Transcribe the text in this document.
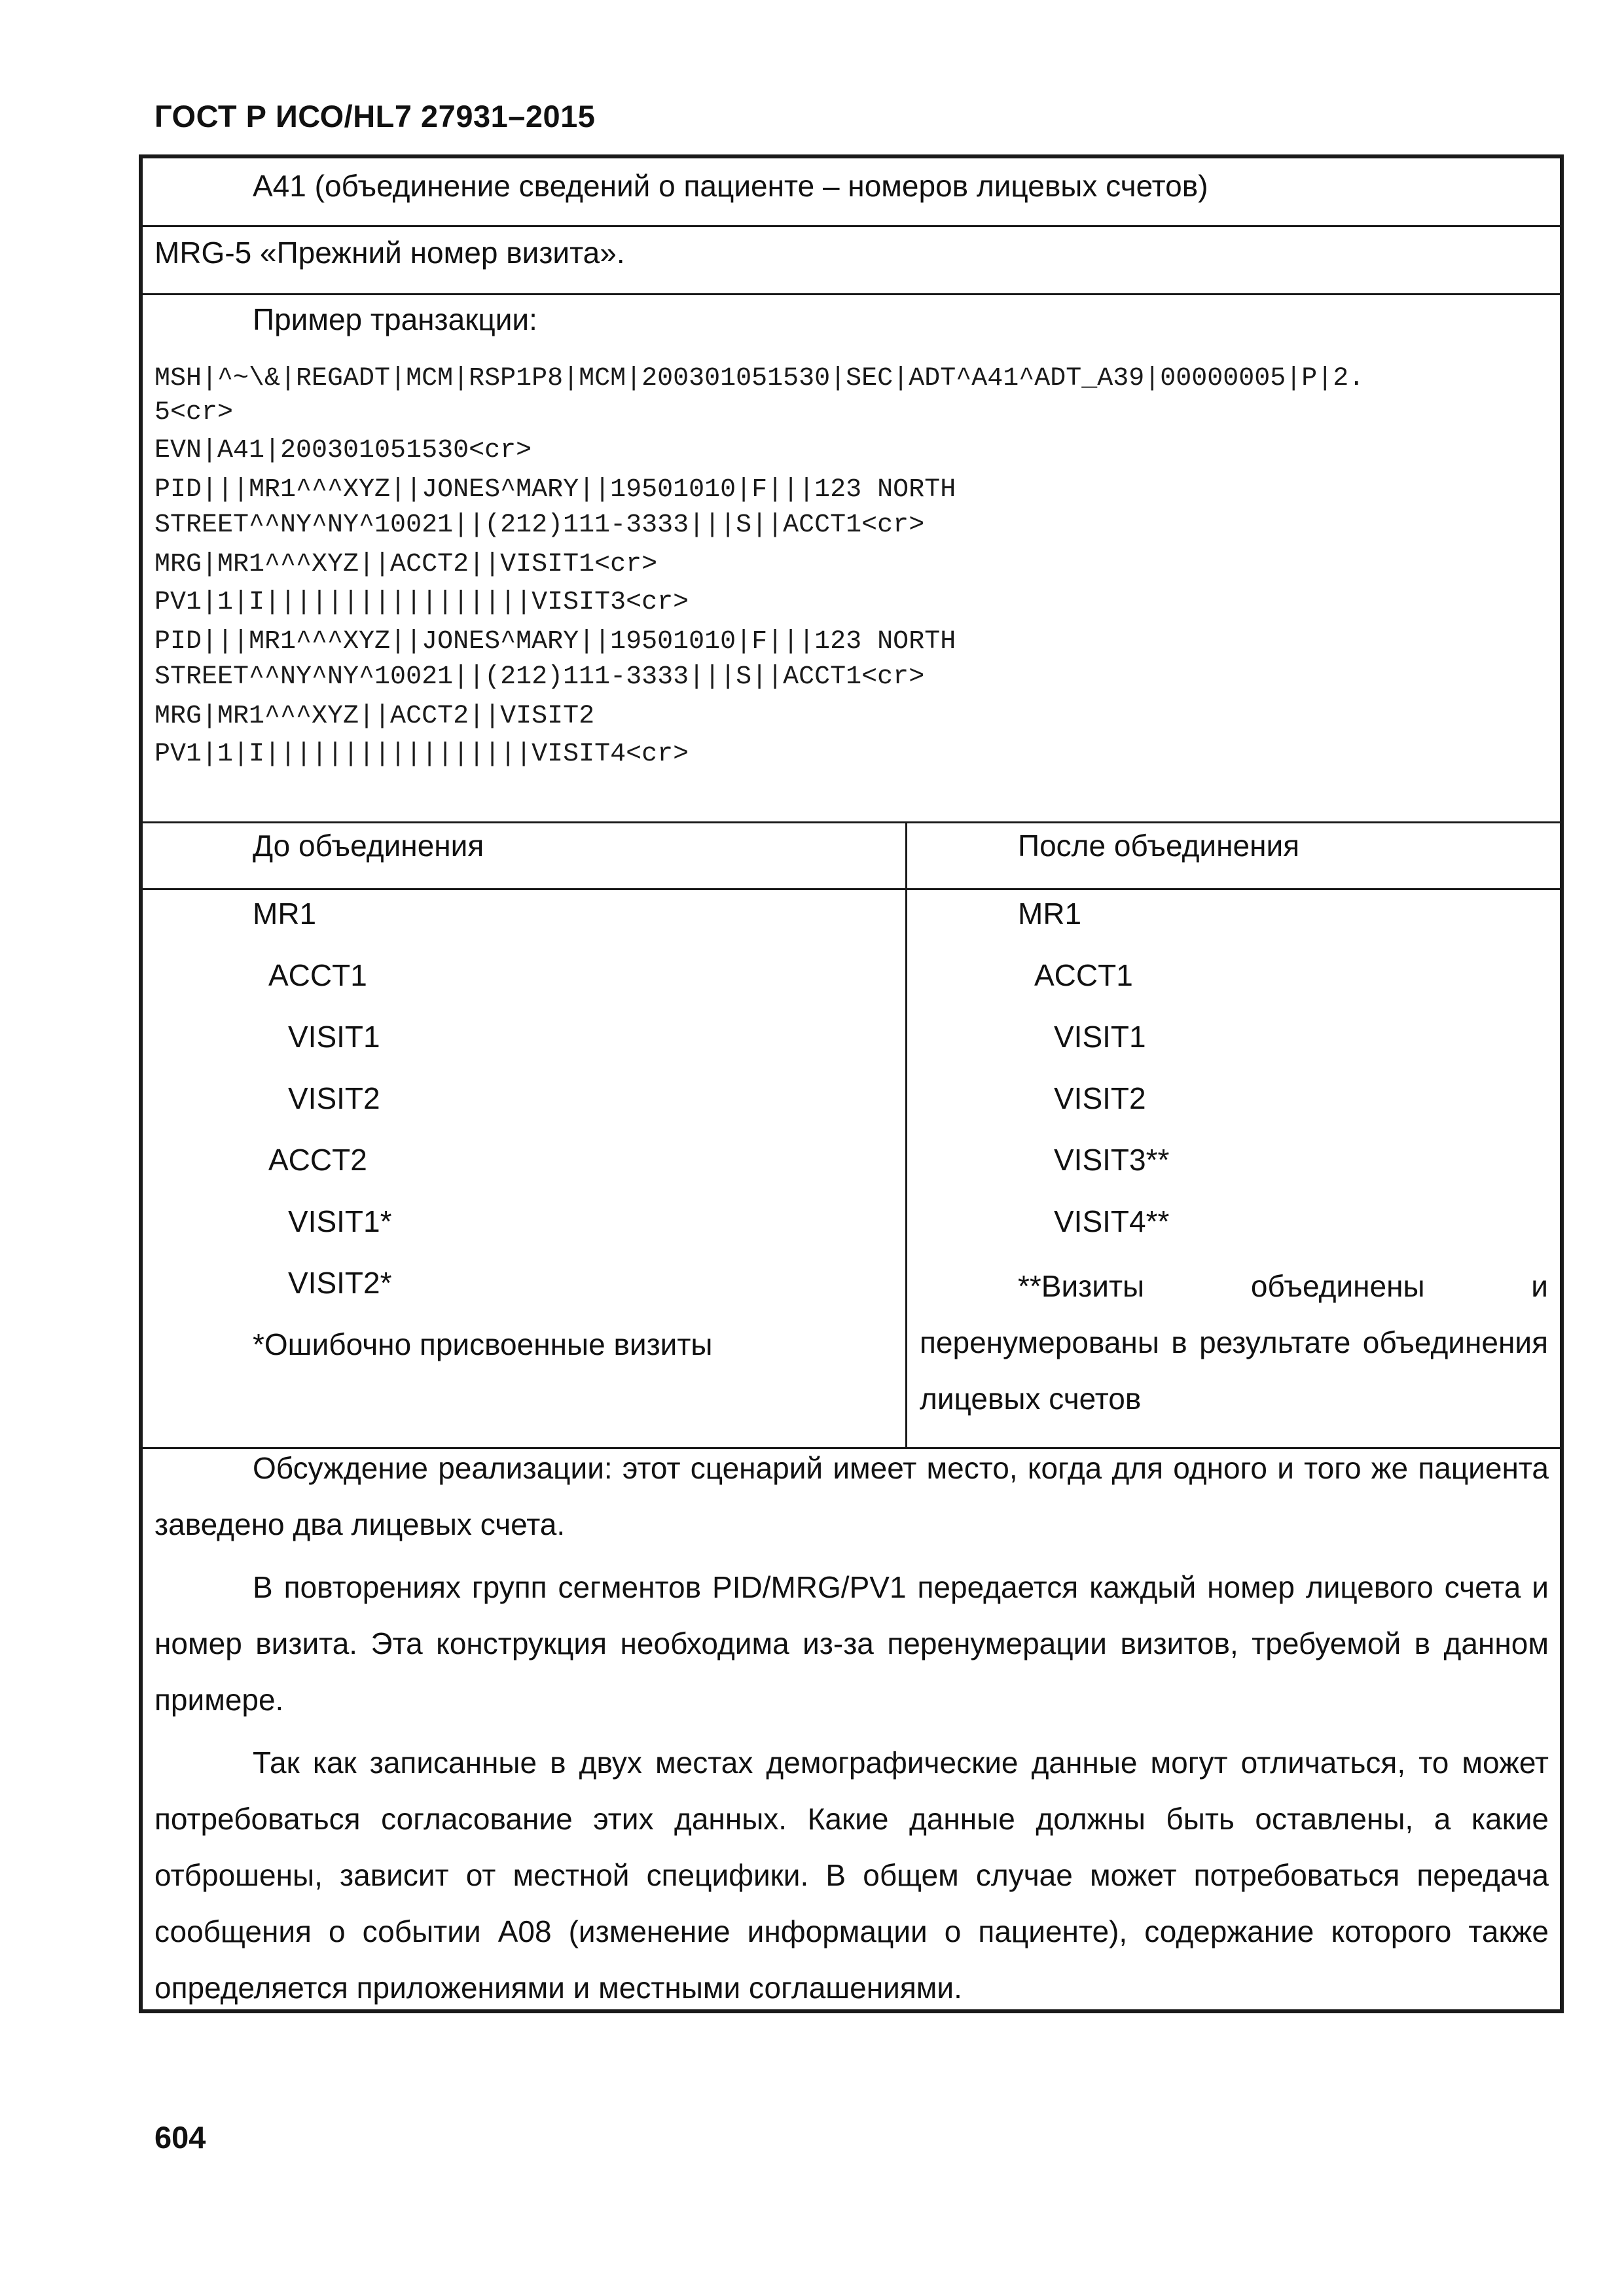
ГОСТ Р ИСО/HL7 27931–2015
A41 (объединение сведений о пациенте – номеров лицевых счетов)
MRG-5 «Прежний номер визита».
Пример транзакции:
MSH|^~\&|REGADT|MCM|RSP1P8|MCM|200301051530|SEC|ADT^A41^ADT_A39|00000005|P|2.
5<cr>
EVN|A41|200301051530<cr>
PID|||MR1^^^XYZ||JONES^MARY||19501010|F|||123 NORTH
STREET^^NY^NY^10021||(212)111-3333|||S||ACCT1<cr>
MRG|MR1^^^XYZ||ACCT2||VISIT1<cr>
PV1|1|I|||||||||||||||||VISIT3<cr>
PID|||MR1^^^XYZ||JONES^MARY||19501010|F|||123 NORTH
STREET^^NY^NY^10021||(212)111-3333|||S||ACCT1<cr>
MRG|MR1^^^XYZ||ACCT2||VISIT2
PV1|1|I|||||||||||||||||VISIT4<cr>
До объединения	После объединения
MR1
ACCT1
VISIT1
VISIT2
ACCT2
VISIT1*
VISIT2*
*Ошибочно присвоенные визиты
MR1
ACCT1
VISIT1
VISIT2
VISIT3**
VISIT4**
**Визиты объединены и перенумерованы в результате объединения лицевых счетов
Обсуждение реализации: этот сценарий имеет место, когда для одного и того же пациента заведено два лицевых счета.
В повторениях групп сегментов PID/MRG/PV1 передается каждый номер лицевого счета и номер визита. Эта конструкция необходима из-за перенумерации визитов, требуемой в данном примере.
Так как записанные в двух местах демографические данные могут отличаться, то может потребоваться согласование этих данных. Какие данные должны быть оставлены, а какие отброшены, зависит от местной специфики. В общем случае может потребоваться передача сообщения о событии A08 (изменение информации о пациенте), содержание которого также определяется приложениями и местными соглашениями.
604
